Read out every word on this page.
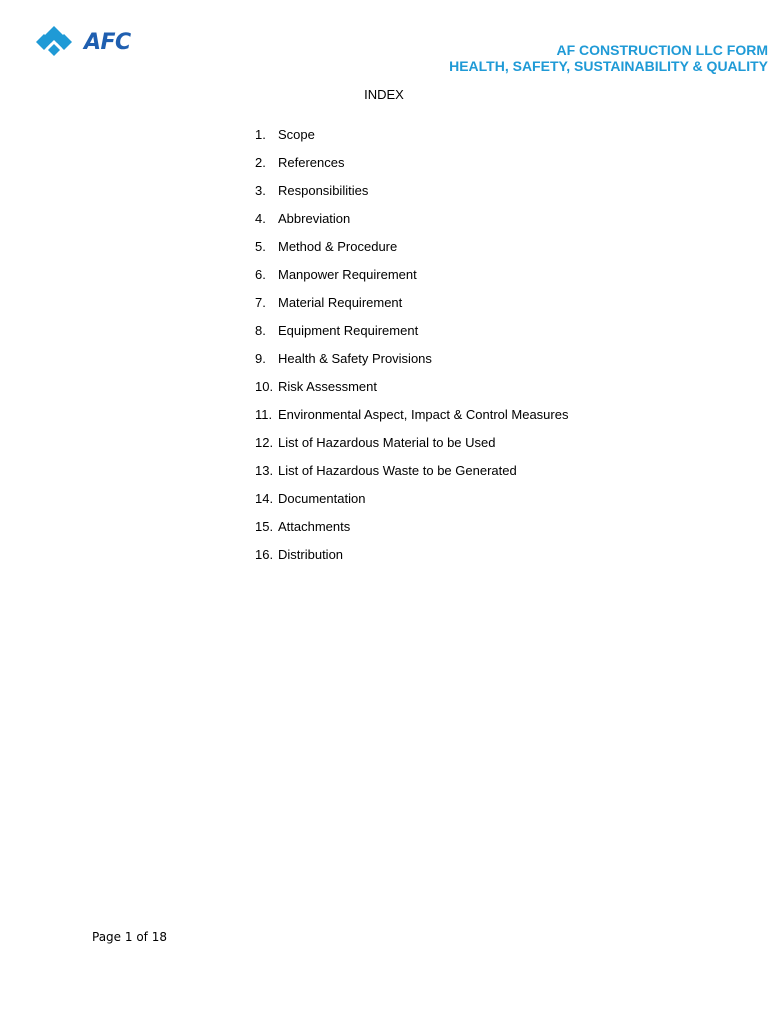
AFC	AF CONSTRUCTION LLC FORM
HEALTH, SAFETY, SUSTAINABILITY & QUALITY
INDEX
1. Scope
2. References
3. Responsibilities
4. Abbreviation
5. Method & Procedure
6. Manpower Requirement
7. Material Requirement
8. Equipment Requirement
9. Health & Safety Provisions
10. Risk Assessment
11. Environmental Aspect, Impact & Control Measures
12. List of Hazardous Material to be Used
13. List of Hazardous Waste to be Generated
14. Documentation
15. Attachments
16. Distribution
Page 1 of 18
